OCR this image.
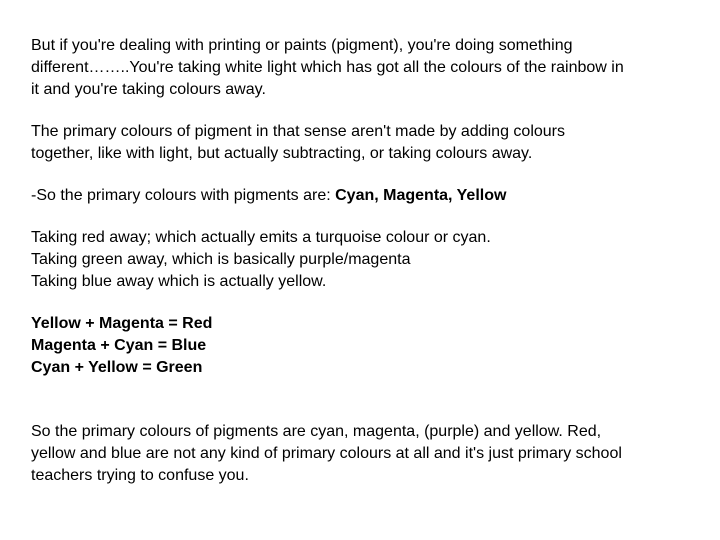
But if you're dealing with printing or paints (pigment), you're doing something
different……..You're taking white light which has got all the colours of the rainbow in
it and you're taking colours away.

The primary colours of pigment in that sense aren't made by adding colours
together, like with light, but actually subtracting, or taking colours away.

-So the primary colours with pigments are: Cyan, Magenta, Yellow

Taking red away; which actually emits a turquoise colour or cyan.
Taking green away, which is basically purple/magenta
Taking blue away which is actually yellow.

Yellow + Magenta = Red
Magenta + Cyan = Blue
Cyan + Yellow = Green

So the primary colours of pigments are cyan, magenta, (purple) and yellow. Red,
yellow and blue are not any kind of primary colours at all and it's just primary school
teachers trying to confuse you.
